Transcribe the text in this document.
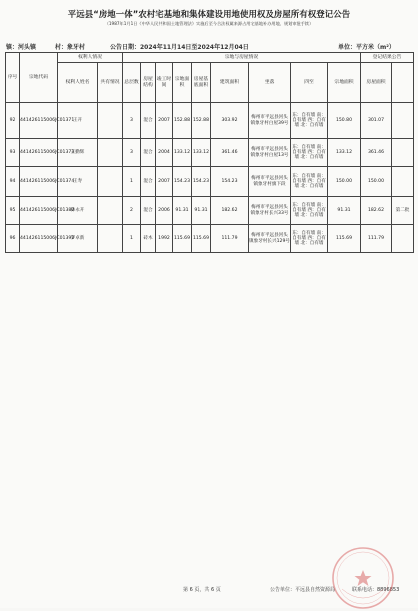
平远县“房地一体”农村宅基地和集体建设用地使用权及房屋所有权登记公告
（1987年1月1日《中华人民共和国土地管理法》实施后至今合法权属来源占用宅基地补办用地、规划审批手续）
镇：河头镇	村：象牙村	公告日期：2024年11月14日至2024年12月04日	单位：平方米（m²）
序号	宗地代码	权利人情况		宗地与房屋情况									登记结果公告	
		权利人姓名	共有情况	总层数	房屋结构	竣工时间	宗地面积	房屋基底面积	建筑面积	坐落	四至	宗地面积	房屋面积		

92	441426115006JC01371	王开		3	混合	2007	152.88	152.88	303.92	梅州市平远县河头镇象牙村白屋39号	东：自有墙 南：自有墙 西：自有墙 北：自有墙	150.80	301.07		
93	441426115006JC01373	王勤辉		3	混合	2004	133.12	133.12	361.46	梅州市平远县河头镇象牙村白屋13号	东：自有墙 南：自有墙 西：自有墙 北：自有墙	133.12	361.46		
94	441426115006JC01374	王寿		1	混合	2007	154.23	154.23	154.23	梅州市平远县河头镇象牙村旗下段	东：自有墙 南：自有墙 西：自有墙 北：自有墙	150.00	150.00		
95	441426115006JC01382	林永开		2	混合	2006	91.31	91.31	182.62	梅州市平远县河头镇象牙村长兴33号	东：自有墙 南：自有墙 西：自有墙 北：自有墙	91.31	182.62	第二批	
96	441426115006JC01392	罗卓新		1	砖木	1992	115.69	115.69	111.79	梅州市平远县河头镇象牙村长兴129号	东：自有墙 南：自有墙 西：自有墙 北：自有墙	115.69	111.79		
第 6 页，共 6 页	公告单位：平远县自然资源局	联系电话：8896853
